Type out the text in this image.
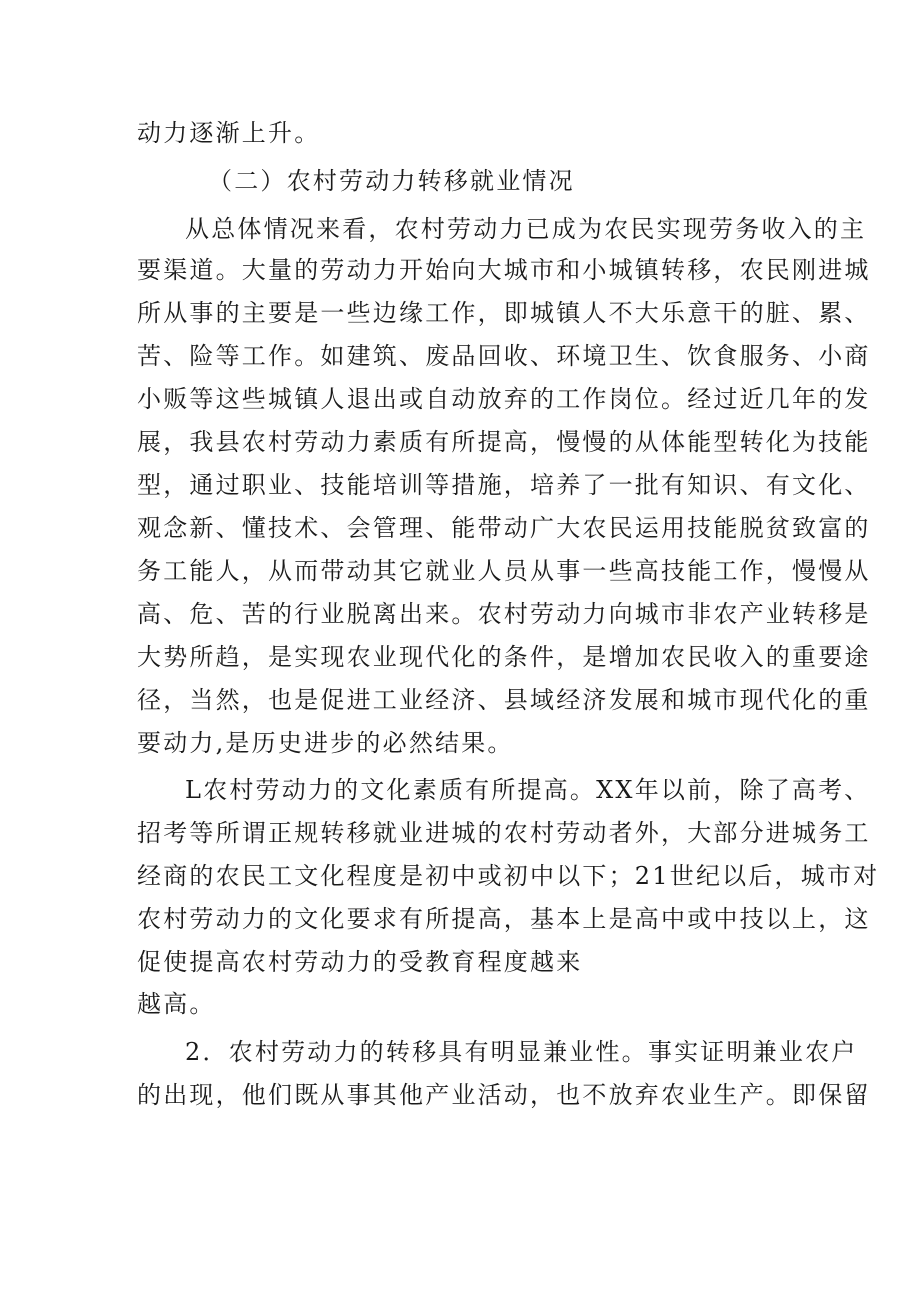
动力逐渐上升。
（二）农村劳动力转移就业情况
从总体情况来看，农村劳动力已成为农民实现劳务收入的主
要渠道。大量的劳动力开始向大城市和小城镇转移，农民刚进城
所从事的主要是一些边缘工作，即城镇人不大乐意干的脏、累、
苦、险等工作。如建筑、废品回收、环境卫生、饮食服务、小商
小贩等这些城镇人退出或自动放弃的工作岗位。经过近几年的发
展，我县农村劳动力素质有所提高，慢慢的从体能型转化为技能
型，通过职业、技能培训等措施，培养了一批有知识、有文化、
观念新、懂技术、会管理、能带动广大农民运用技能脱贫致富的
务工能人，从而带动其它就业人员从事一些高技能工作，慢慢从
高、危、苦的行业脱离出来。农村劳动力向城市非农产业转移是
大势所趋，是实现农业现代化的条件，是增加农民收入的重要途
径，当然，也是促进工业经济、县域经济发展和城市现代化的重
要动力,是历史进步的必然结果。
L农村劳动力的文化素质有所提高。XX年以前，除了高考、
招考等所谓正规转移就业进城的农村劳动者外，大部分进城务工
经商的农民工文化程度是初中或初中以下；21世纪以后，城市对
农村劳动力的文化要求有所提高，基本上是高中或中技以上，这
促使提高农村劳动力的受教育程度越来
越高。
2．农村劳动力的转移具有明显兼业性。事实证明兼业农户
的出现，他们既从事其他产业活动，也不放弃农业生产。即保留
